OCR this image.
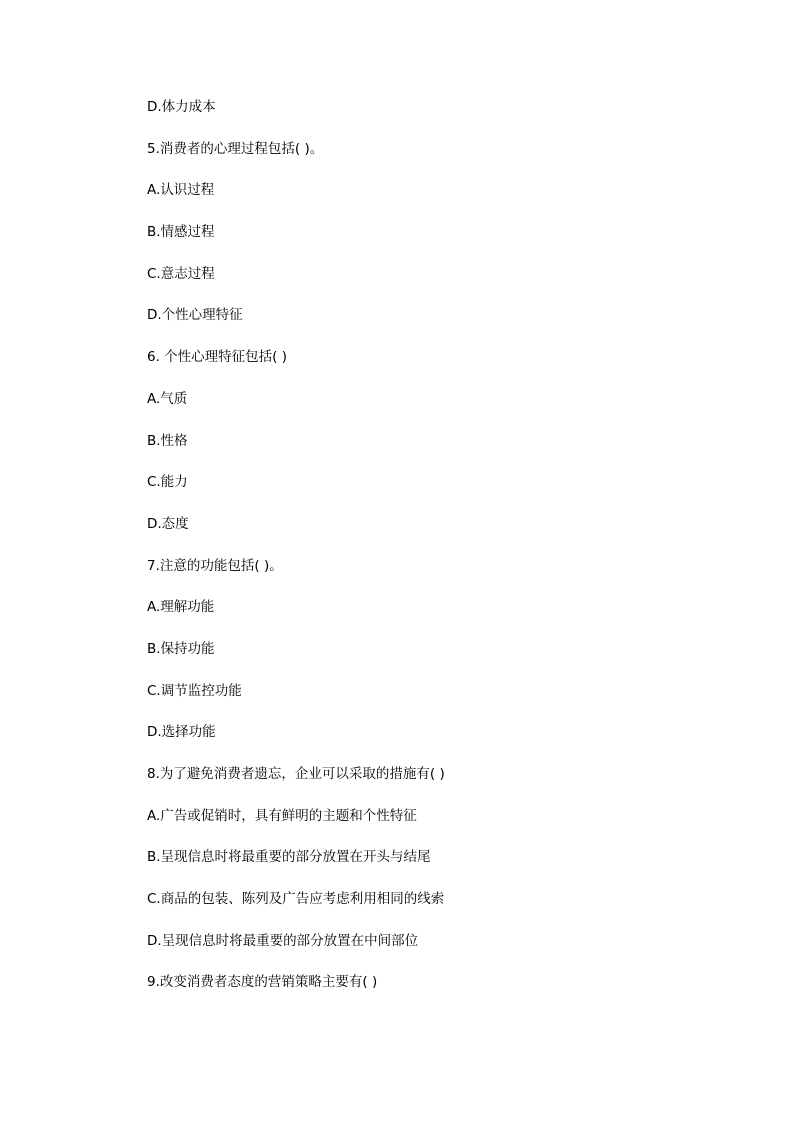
D.体力成本
5.消费者的心理过程包括( )。
A.认识过程
B.情感过程
C.意志过程
D.个性心理特征
6. 个性心理特征包括( )
A.气质
B.性格
C.能力
D.态度
7.注意的功能包括( )。
A.理解功能
B.保持功能
C.调节监控功能
D.选择功能
8.为了避免消费者遗忘，企业可以采取的措施有( )
A.广告或促销时，具有鲜明的主题和个性特征
B.呈现信息时将最重要的部分放置在开头与结尾
C.商品的包装、陈列及广告应考虑利用相同的线索
D.呈现信息时将最重要的部分放置在中间部位
9.改变消费者态度的营销策略主要有( )
